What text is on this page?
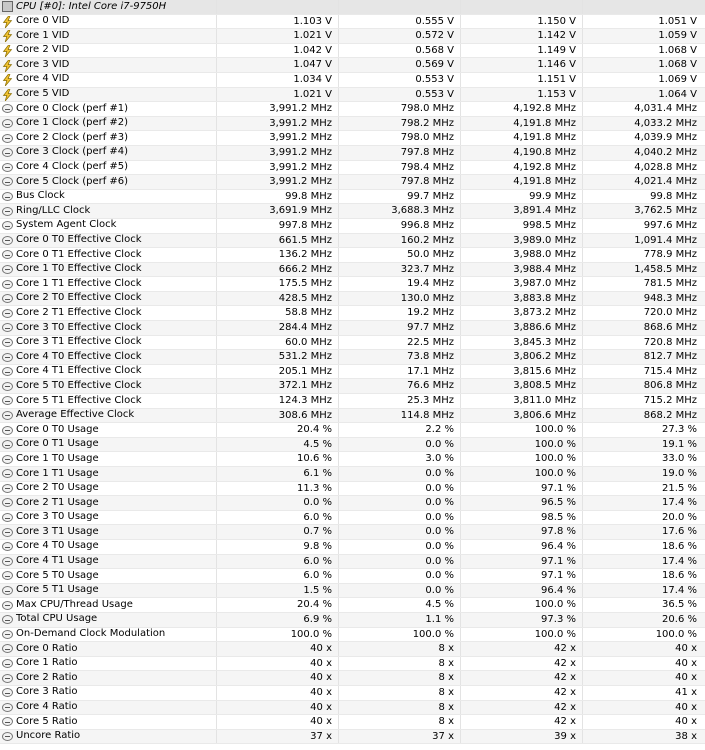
CPU [#0]: Intel Core i7-9750H
Core 0 VID	1.103 V	0.555 V	1.150 V	1.051 V
Core 1 VID	1.021 V	0.572 V	1.142 V	1.059 V
Core 2 VID	1.042 V	0.568 V	1.149 V	1.068 V
Core 3 VID	1.047 V	0.569 V	1.146 V	1.068 V
Core 4 VID	1.034 V	0.553 V	1.151 V	1.069 V
Core 5 VID	1.021 V	0.553 V	1.153 V	1.064 V
Core 0 Clock (perf #1)	3,991.2 MHz	798.0 MHz	4,192.8 MHz	4,031.4 MHz
Core 1 Clock (perf #2)	3,991.2 MHz	798.2 MHz	4,191.8 MHz	4,033.2 MHz
Core 2 Clock (perf #3)	3,991.2 MHz	798.0 MHz	4,191.8 MHz	4,039.9 MHz
Core 3 Clock (perf #4)	3,991.2 MHz	797.8 MHz	4,190.8 MHz	4,040.2 MHz
Core 4 Clock (perf #5)	3,991.2 MHz	798.4 MHz	4,192.8 MHz	4,028.8 MHz
Core 5 Clock (perf #6)	3,991.2 MHz	797.8 MHz	4,191.8 MHz	4,021.4 MHz
Bus Clock	99.8 MHz	99.7 MHz	99.9 MHz	99.8 MHz
Ring/LLC Clock	3,691.9 MHz	3,688.3 MHz	3,891.4 MHz	3,762.5 MHz
System Agent Clock	997.8 MHz	996.8 MHz	998.5 MHz	997.6 MHz
Core 0 T0 Effective Clock	661.5 MHz	160.2 MHz	3,989.0 MHz	1,091.4 MHz
Core 0 T1 Effective Clock	136.2 MHz	50.0 MHz	3,988.0 MHz	778.9 MHz
Core 1 T0 Effective Clock	666.2 MHz	323.7 MHz	3,988.4 MHz	1,458.5 MHz
Core 1 T1 Effective Clock	175.5 MHz	19.4 MHz	3,987.0 MHz	781.5 MHz
Core 2 T0 Effective Clock	428.5 MHz	130.0 MHz	3,883.8 MHz	948.3 MHz
Core 2 T1 Effective Clock	58.8 MHz	19.2 MHz	3,873.2 MHz	720.0 MHz
Core 3 T0 Effective Clock	284.4 MHz	97.7 MHz	3,886.6 MHz	868.6 MHz
Core 3 T1 Effective Clock	60.0 MHz	22.5 MHz	3,845.3 MHz	720.8 MHz
Core 4 T0 Effective Clock	531.2 MHz	73.8 MHz	3,806.2 MHz	812.7 MHz
Core 4 T1 Effective Clock	205.1 MHz	17.1 MHz	3,815.6 MHz	715.4 MHz
Core 5 T0 Effective Clock	372.1 MHz	76.6 MHz	3,808.5 MHz	806.8 MHz
Core 5 T1 Effective Clock	124.3 MHz	25.3 MHz	3,811.0 MHz	715.2 MHz
Average Effective Clock	308.6 MHz	114.8 MHz	3,806.6 MHz	868.2 MHz
Core 0 T0 Usage	20.4 %	2.2 %	100.0 %	27.3 %
Core 0 T1 Usage	4.5 %	0.0 %	100.0 %	19.1 %
Core 1 T0 Usage	10.6 %	3.0 %	100.0 %	33.0 %
Core 1 T1 Usage	6.1 %	0.0 %	100.0 %	19.0 %
Core 2 T0 Usage	11.3 %	0.0 %	97.1 %	21.5 %
Core 2 T1 Usage	0.0 %	0.0 %	96.5 %	17.4 %
Core 3 T0 Usage	6.0 %	0.0 %	98.5 %	20.0 %
Core 3 T1 Usage	0.7 %	0.0 %	97.8 %	17.6 %
Core 4 T0 Usage	9.8 %	0.0 %	96.4 %	18.6 %
Core 4 T1 Usage	6.0 %	0.0 %	97.1 %	17.4 %
Core 5 T0 Usage	6.0 %	0.0 %	97.1 %	18.6 %
Core 5 T1 Usage	1.5 %	0.0 %	96.4 %	17.4 %
Max CPU/Thread Usage	20.4 %	4.5 %	100.0 %	36.5 %
Total CPU Usage	6.9 %	1.1 %	97.3 %	20.6 %
On-Demand Clock Modulation	100.0 %	100.0 %	100.0 %	100.0 %
Core 0 Ratio	40 x	8 x	42 x	40 x
Core 1 Ratio	40 x	8 x	42 x	40 x
Core 2 Ratio	40 x	8 x	42 x	40 x
Core 3 Ratio	40 x	8 x	42 x	41 x
Core 4 Ratio	40 x	8 x	42 x	40 x
Core 5 Ratio	40 x	8 x	42 x	40 x
Uncore Ratio	37 x	37 x	39 x	38 x
